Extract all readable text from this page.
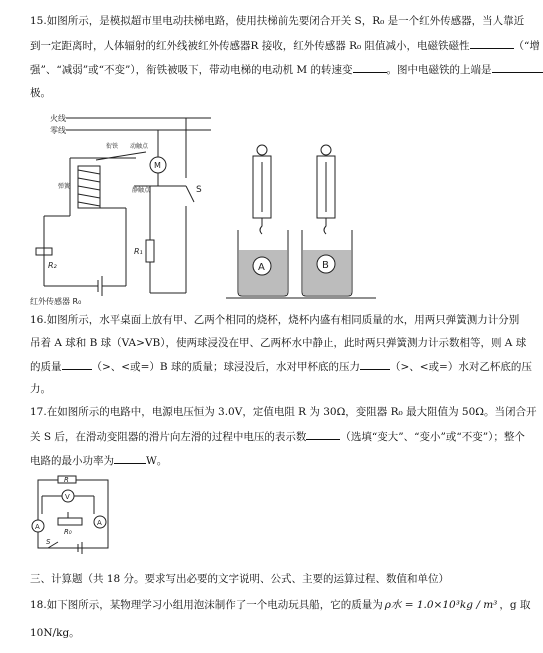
15.如图所示，是模拟超市里电动扶梯电路，使用扶梯前先要闭合开关 S，R₀ 是一个红外传感器，当人靠近
到一定距离时，人体辐射的红外线被红外传感器R 接收，红外传感器 R₀ 阻值减小，电磁铁磁性	（“增
强”、“减弱”或“不变”），衔铁被吸下，带动电梯的电动机 M 的转速变	。图中电磁铁的上端是
极。
火线
零线
衔铁 动触点
弹簧
静触点
M
S
R₁
R₂
红外传感器 R₀
A	B
16.如图所示，水平桌面上放有甲、乙两个相同的烧杯，烧杯内盛有相同质量的水，用两只弹簧测力计分别
吊着 A 球和 B 球（VA>VB），使两球浸没在甲、乙两杯水中静止，此时两只弹簧测力计示数相等，则 A 球
的质量	（>、<或=）B 球的质量；球浸没后，水对甲杯底的压力	（>、<或=）水对乙杯底的压
力。
17.在如图所示的电路中，电源电压恒为 3.0V，定值电阻 R 为 30Ω，变阻器 R₀ 最大阻值为 50Ω。当闭合开
关 S 后，在滑动变阻器的滑片向左滑的过程中电压的表示数	（选填“变大”、“变小”或“不变”）；整个
电路的最小功率为	W。
R
V
A	A
R₀
S
三、计算题（共 18 分。要求写出必要的文字说明、公式、主要的运算过程、数值和单位）
18.如下图所示，某物理学习小组用泡沫制作了一个电动玩具船，它的质量为 ρ水 = 1.0×10³kg / m³ ，g 取
10N/kg。
